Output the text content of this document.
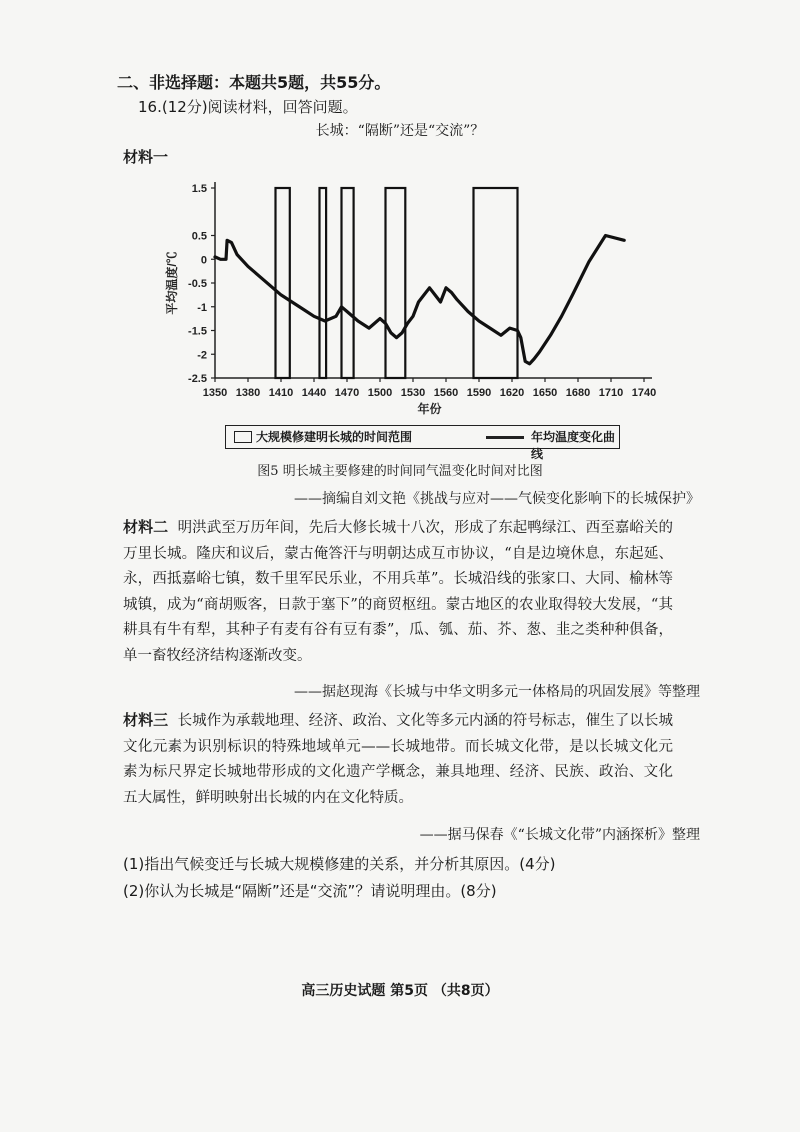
二、非选择题：本题共5题，共55分。
16.(12分)阅读材料，回答问题。
长城：“隔断”还是“交流”？
材料一
1.5
0.5
0
-0.5
-1
-1.5
-2
-2.5
1350 1380 1410 1440 1470 1500 1530 1560 1590 1620 1650 1680 1710 1740
年份
平均温度/℃
大规模修建明长城的时间范围	年均温度变化曲线
图5 明长城主要修建的时间同气温变化时间对比图
——摘编自刘文艳《挑战与应对——气候变化影响下的长城保护》
材料二 明洪武至万历年间，先后大修长城十八次，形成了东起鸭绿江、西至嘉峪关的万里长城。隆庆和议后，蒙古俺答汗与明朝达成互市协议，“自是边境休息，东起延、永，西抵嘉峪七镇，数千里军民乐业，不用兵革”。长城沿线的张家口、大同、榆林等城镇，成为“商胡贩客，日款于塞下”的商贸枢纽。蒙古地区的农业取得较大发展，“其耕具有牛有犁，其种子有麦有谷有豆有黍”，瓜、瓠、茄、芥、葱、韭之类种种俱备，单一畜牧经济结构逐渐改变。
——据赵现海《长城与中华文明多元一体格局的巩固发展》等整理
材料三 长城作为承载地理、经济、政治、文化等多元内涵的符号标志，催生了以长城文化元素为识别标识的特殊地域单元——长城地带。而长城文化带，是以长城文化元素为标尺界定长城地带形成的文化遗产学概念，兼具地理、经济、民族、政治、文化五大属性，鲜明映射出长城的内在文化特质。
——据马保春《“长城文化带”内涵探析》整理
(1)指出气候变迁与长城大规模修建的关系，并分析其原因。(4分)
(2)你认为长城是“隔断”还是“交流”？请说明理由。(8分)
高三历史试题 第5页 （共8页）
